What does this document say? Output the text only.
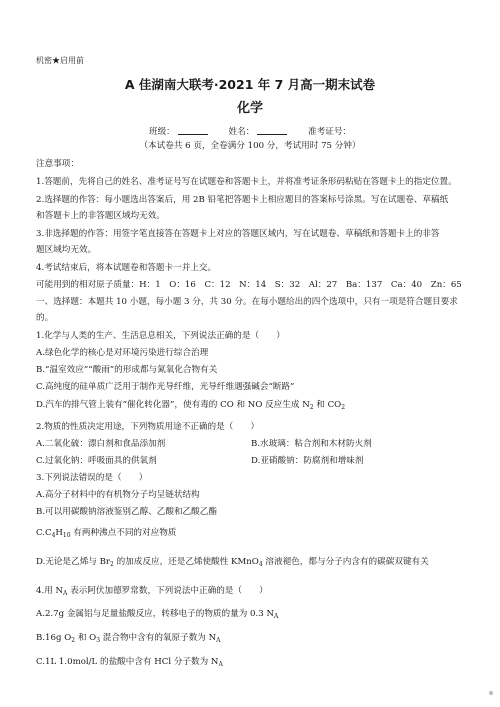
机密★启用前
A 佳湖南大联考·2021 年 7 月高一期末试卷
化学
班级：	姓名：	准考证号：
（本试卷共 6 页，全卷满分 100 分，考试用时 75 分钟）
注意事项：
1.答题前，先将自己的姓名、准考证号写在试题卷和答题卡上，并将准考证条形码粘贴在答题卡上的指定位置。
2.选择题的作答：每小题选出答案后，用 2B 铅笔把答题卡上相应题目的答案标号涂黑。写在试题卷、草稿纸
和答题卡上的非答题区域均无效。
3.非选择题的作答：用签字笔直接答在答题卡上对应的答题区域内，写在试题卷、草稿纸和答题卡上的非答
题区域均无效。
4.考试结束后，将本试题卷和答题卡一并上交。
可能用到的相对原子质量：H：1　O：16　C：12　N：14　S：32　Al：27　Ba：137　Ca：40　Zn：65
一、选择题：本题共 10 小题，每小题 3 分，共 30 分。在每小题给出的四个选项中，只有一项是符合题目要求
的。
1.化学与人类的生产、生活息息相关，下列说法正确的是（　　）
A.绿色化学的核心是对环境污染进行综合治理
B.“温室效应”“酸雨”的形成都与氮氧化合物有关
C.高纯度的硅单质广泛用于制作光导纤维，光导纤维遇强碱会“断路”
D.汽车的排气管上装有“催化转化器”，使有毒的 CO 和 NO 反应生成 $N_2$ 和 $CO_2$
2.物质的性质决定用途，下列物质用途不正确的是（　　）
A.二氧化硫：漂白剂和食品添加剂	B.水玻璃：粘合剂和木材防火剂
C.过氧化钠：呼吸面具的供氧剂	D.亚硝酸钠：防腐剂和增味剂
3.下列说法错误的是（　　）
A.高分子材料中的有机物分子均呈链状结构
B.可以用碳酸钠溶液鉴别乙醇、乙酸和乙酸乙酯
$C.C_4H_{10}$ 有两种沸点不同的对应物质
D.无论是乙烯与 $Br_2$ 的加成反应，还是乙烯使酸性 KMnO$_4$ 溶液褪色，都与分子内含有的碳碳双键有关
4.用 $N_A$ 表示阿伏加德罗常数，下列说法中正确的是（　　）
A.2.7g 金属铝与足量盐酸反应，转移电子的物质的量为 0.3 $N_A$
B.16g $O_2$ 和 $O_3$ 混合物中含有的氧原子数为 $N_A$
C.1L 1.0mol/L 的盐酸中含有 HCl 分子数为 $N_A$
